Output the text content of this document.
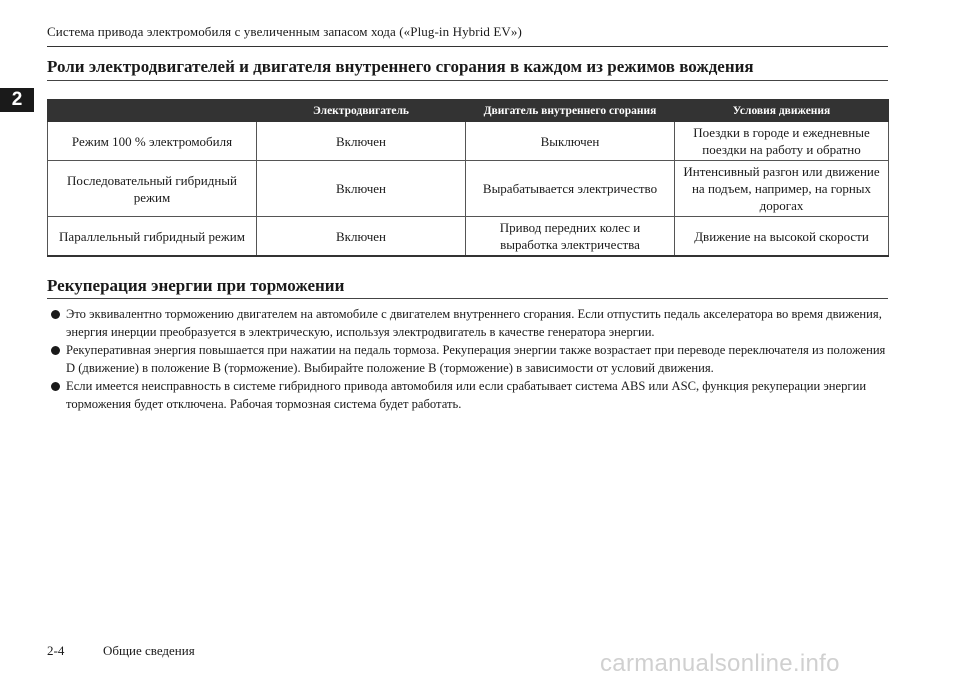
Система привода электромобиля с увеличенным запасом хода («Plug-in Hybrid EV»)
2
Роли электродвигателей и двигателя внутреннего сгорания в каждом из режимов вождения
	Электродвигатель	Двигатель внутреннего сгорания	Условия движения
Режим 100 % электромобиля	Включен	Выключен	Поездки в городе и ежедневные поездки на работу и обратно
Последовательный гибридный режим	Включен	Вырабатывается электричество	Интенсивный разгон или движение на подъем, например, на горных дорогах
Параллельный гибридный режим	Включен	Привод передних колес и выработка электричества	Движение на высокой скорости
Рекуперация энергии при торможении
Это эквивалентно торможению двигателем на автомобиле с двигателем внутреннего сгорания. Если отпустить педаль акселератора во время движения, энергия инерции преобразуется в электрическую, используя электродвигатель в качестве генератора энергии.
Рекуперативная энергия повышается при нажатии на педаль тормоза. Рекуперация энергии также возрастает при переводе переключателя из положения D (движение) в положение B (торможение). Выбирайте положение B (торможение) в зависимости от условий движения.
Если имеется неисправность в системе гибридного привода автомобиля или если срабатывает система ABS или ASC, функция рекуперации энергии торможения будет отключена. Рабочая тормозная система будет работать.
2-4	Общие сведения	carmanualsonline.info
